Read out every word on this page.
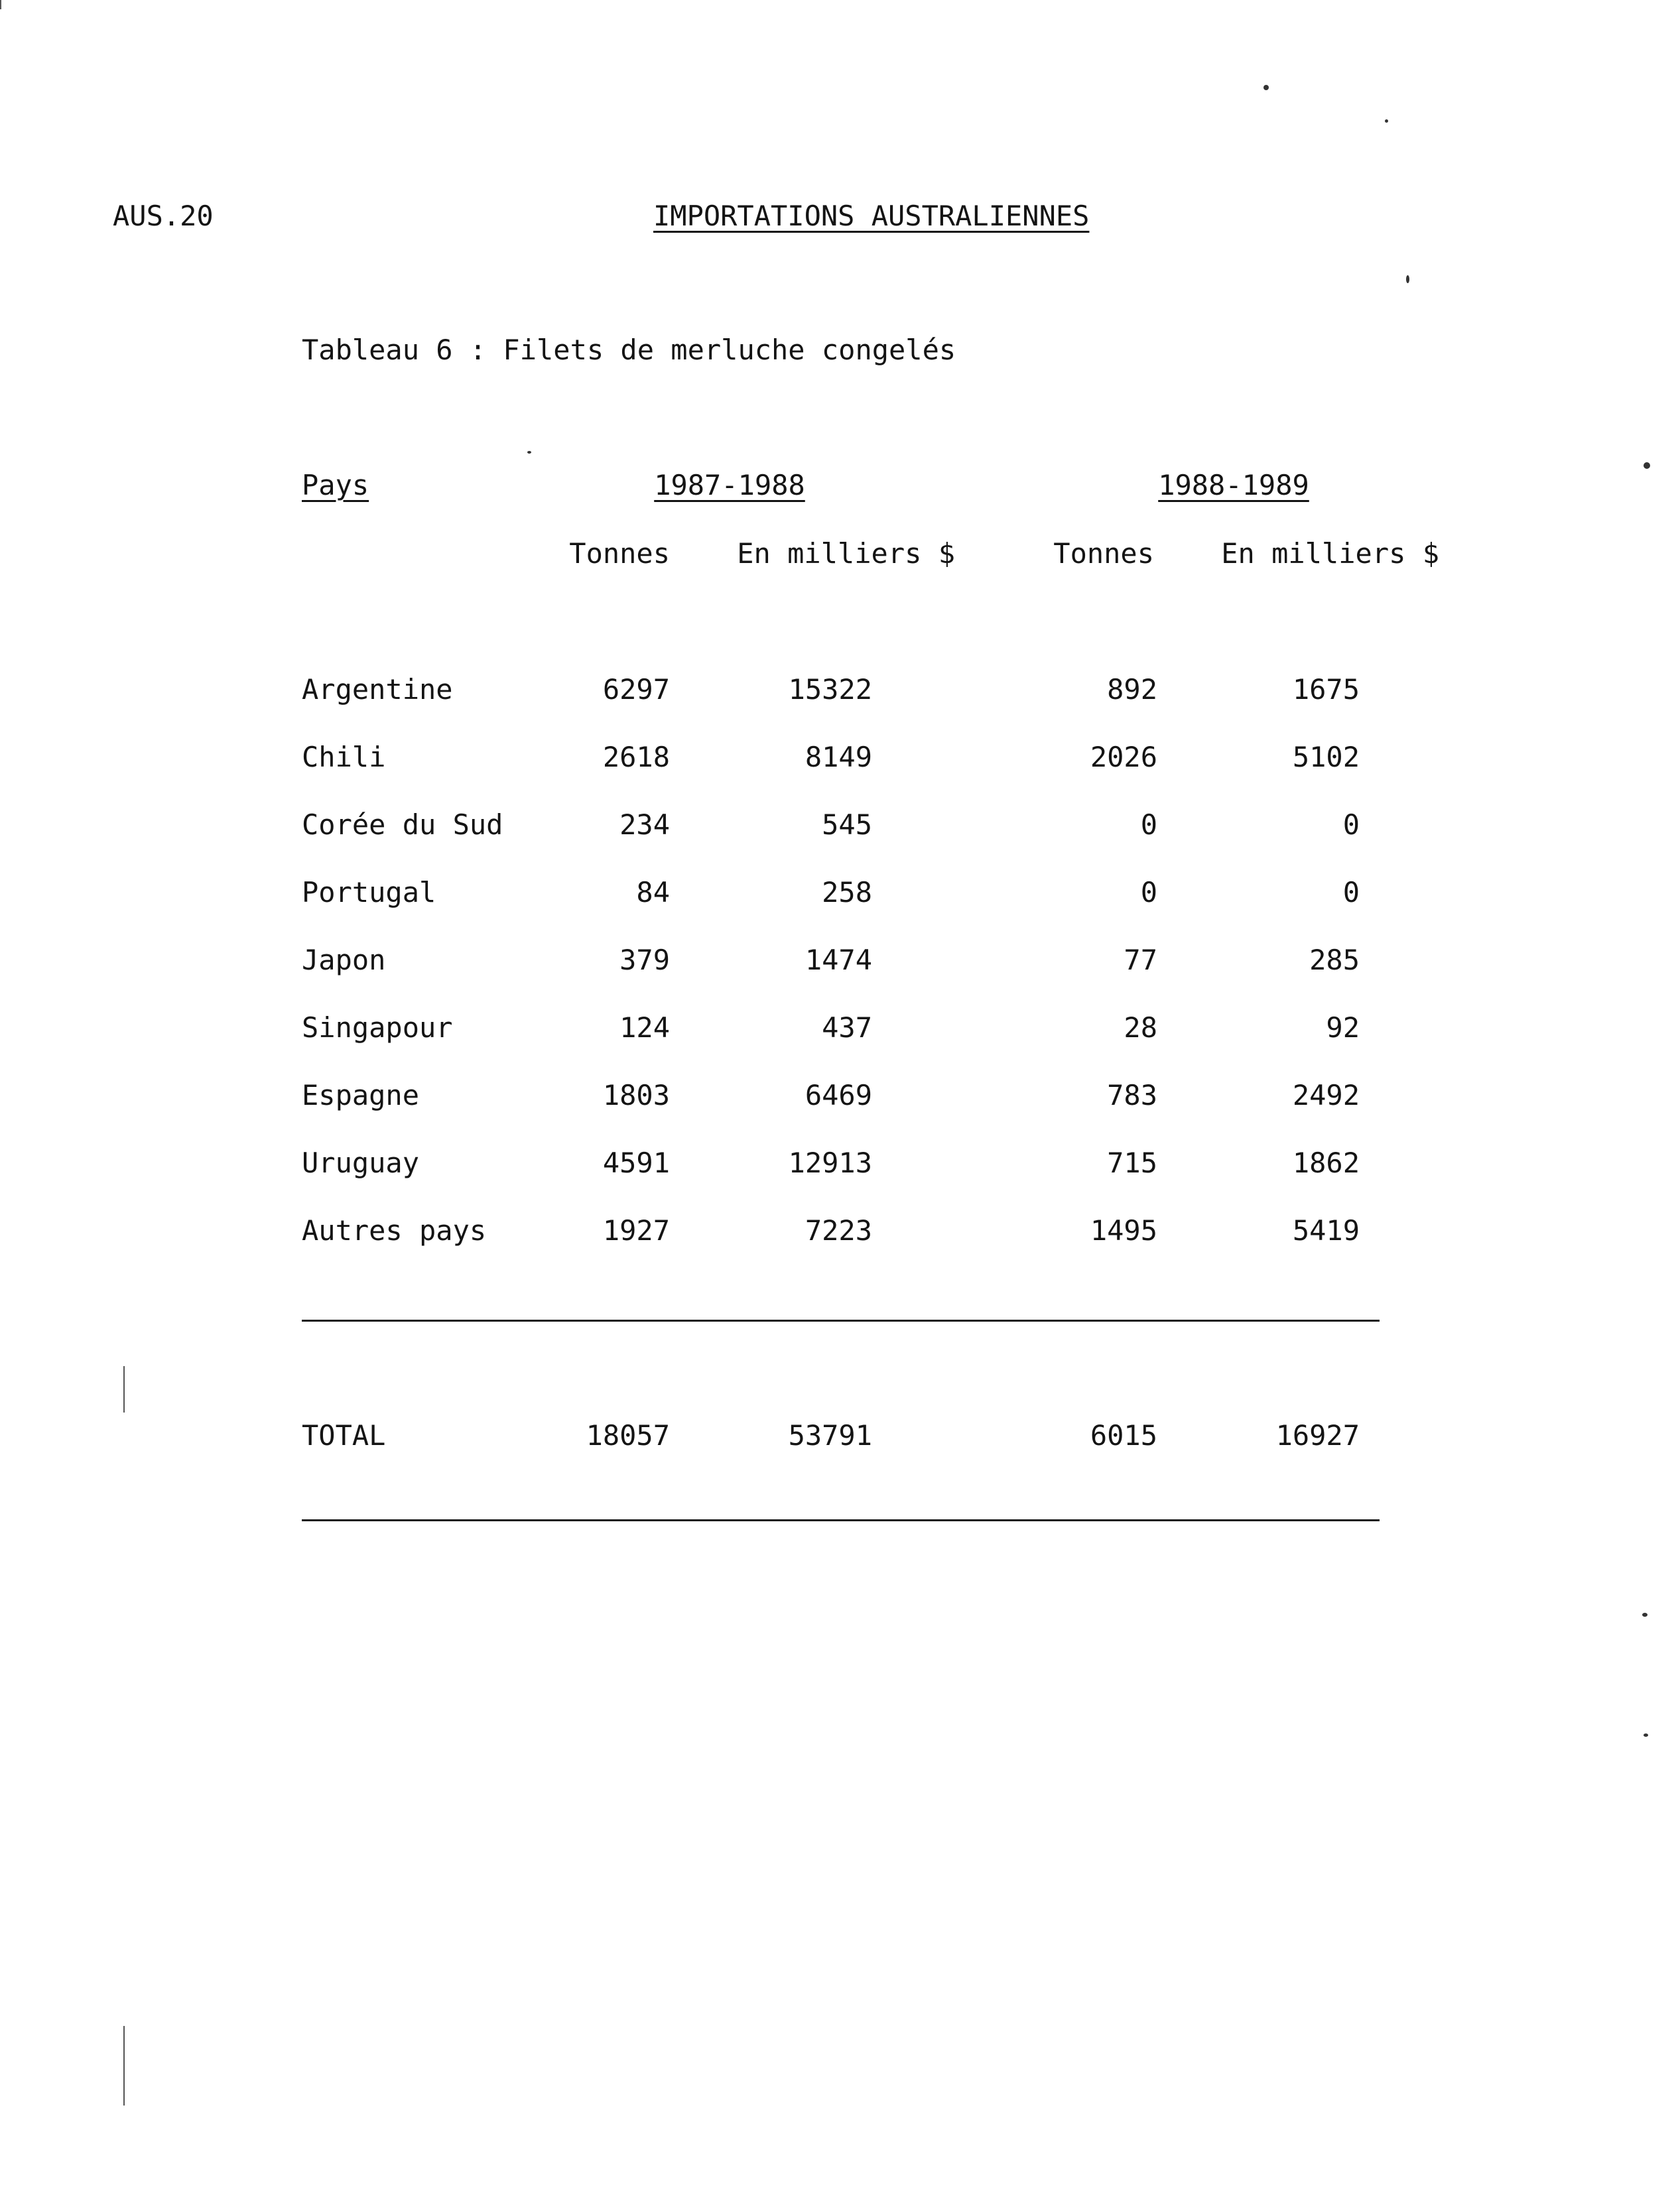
AUS.20	IMPORTATIONS AUSTRALIENNES
Tableau 6 : Filets de merluche congelés
Pays	1987-1988	1988-1989
Tonnes	En milliers $	Tonnes	En milliers $
Argentine	6297	15322	892	1675
Chili	2618	8149	2026	5102
Corée du Sud	234	545	0	0
Portugal	84	258	0	0
Japon	379	1474	77	285
Singapour	124	437	28	92
Espagne	1803	6469	783	2492
Uruguay	4591	12913	715	1862
Autres pays	1927	7223	1495	5419
TOTAL	18057	53791	6015	16927
